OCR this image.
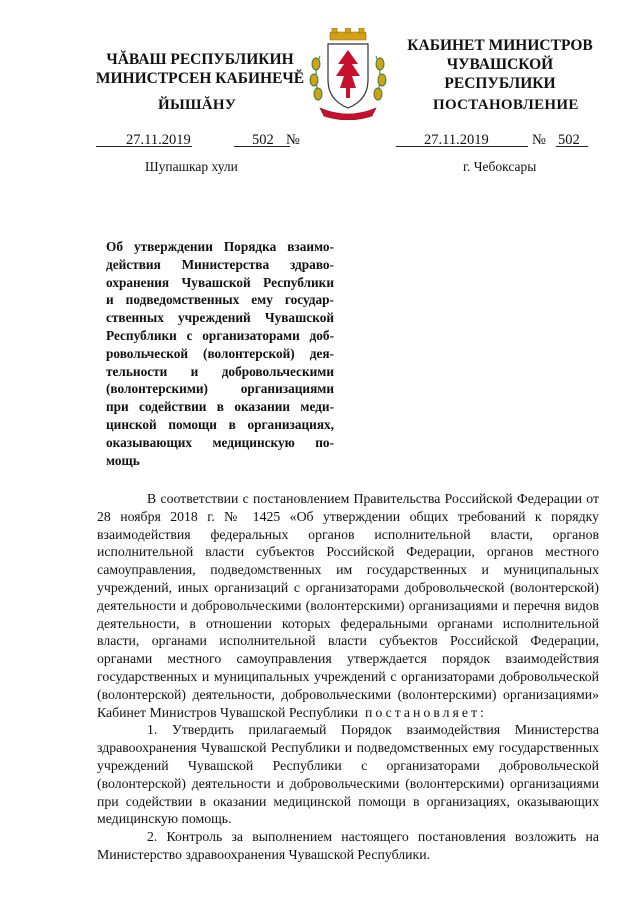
ЧĂВАШ РЕСПУБЛИКИН
МИНИСТРСЕН КАБИНЕЧĔ
ЙЫШĂНУ
КАБИНЕТ МИНИСТРОВ
ЧУВАШСКОЙ РЕСПУБЛИКИ
ПОСТАНОВЛЕНИЕ
27.11.2019	502 №	27.11.2019	№ 502
Шупашкар хули	г. Чебоксары

Об утверждении Порядка взаимо-

действия Министерства здраво-

охранения Чувашской Республики

и подведомственных ему государ-

ственных учреждений Чувашской

Республики с организаторами доб-

ровольческой (волонтерской) дея-

тельности и добровольческими

(волонтерскими) организациями

при содействии в оказании меди-

цинской помощи в организациях,

оказывающих медицинскую по-

мощь

В соответствии с постановлением Правительства Российской Федерации от 28 ноября 2018 г. № 1425 «Об утверждении общих требований к порядку взаимодействия федеральных органов исполнительной власти, органов исполнительной власти субъектов Российской Федерации, органов местного самоуправления, подведомственных им государственных и муниципальных учреждений, иных организаций с организаторами добровольческой (волонтерской) деятельности и добровольческими (волонтерскими) организациями и перечня видов деятельности, в отношении которых федеральными органами исполнительной власти, органами исполнительной власти субъектов Российской Федерации, органами местного самоуправления утверждается порядок взаимодействия государственных и муниципальных учреждений с организаторами добровольческой (волонтерской) деятельности, добровольческими (волонтерскими) организациями» Кабинет Министров Чувашской Республики постановляет:

1. Утвердить прилагаемый Порядок взаимодействия Министерства здравоохранения Чувашской Республики и подведомственных ему государственных учреждений Чувашской Республики с организаторами добровольческой (волонтерской) деятельности и добровольческими (волонтерскими) организациями при содействии в оказании медицинской помощи в организациях, оказывающих медицинскую помощь.

2. Контроль за выполнением настоящего постановления возложить на Министерство здравоохранения Чувашской Республики.
